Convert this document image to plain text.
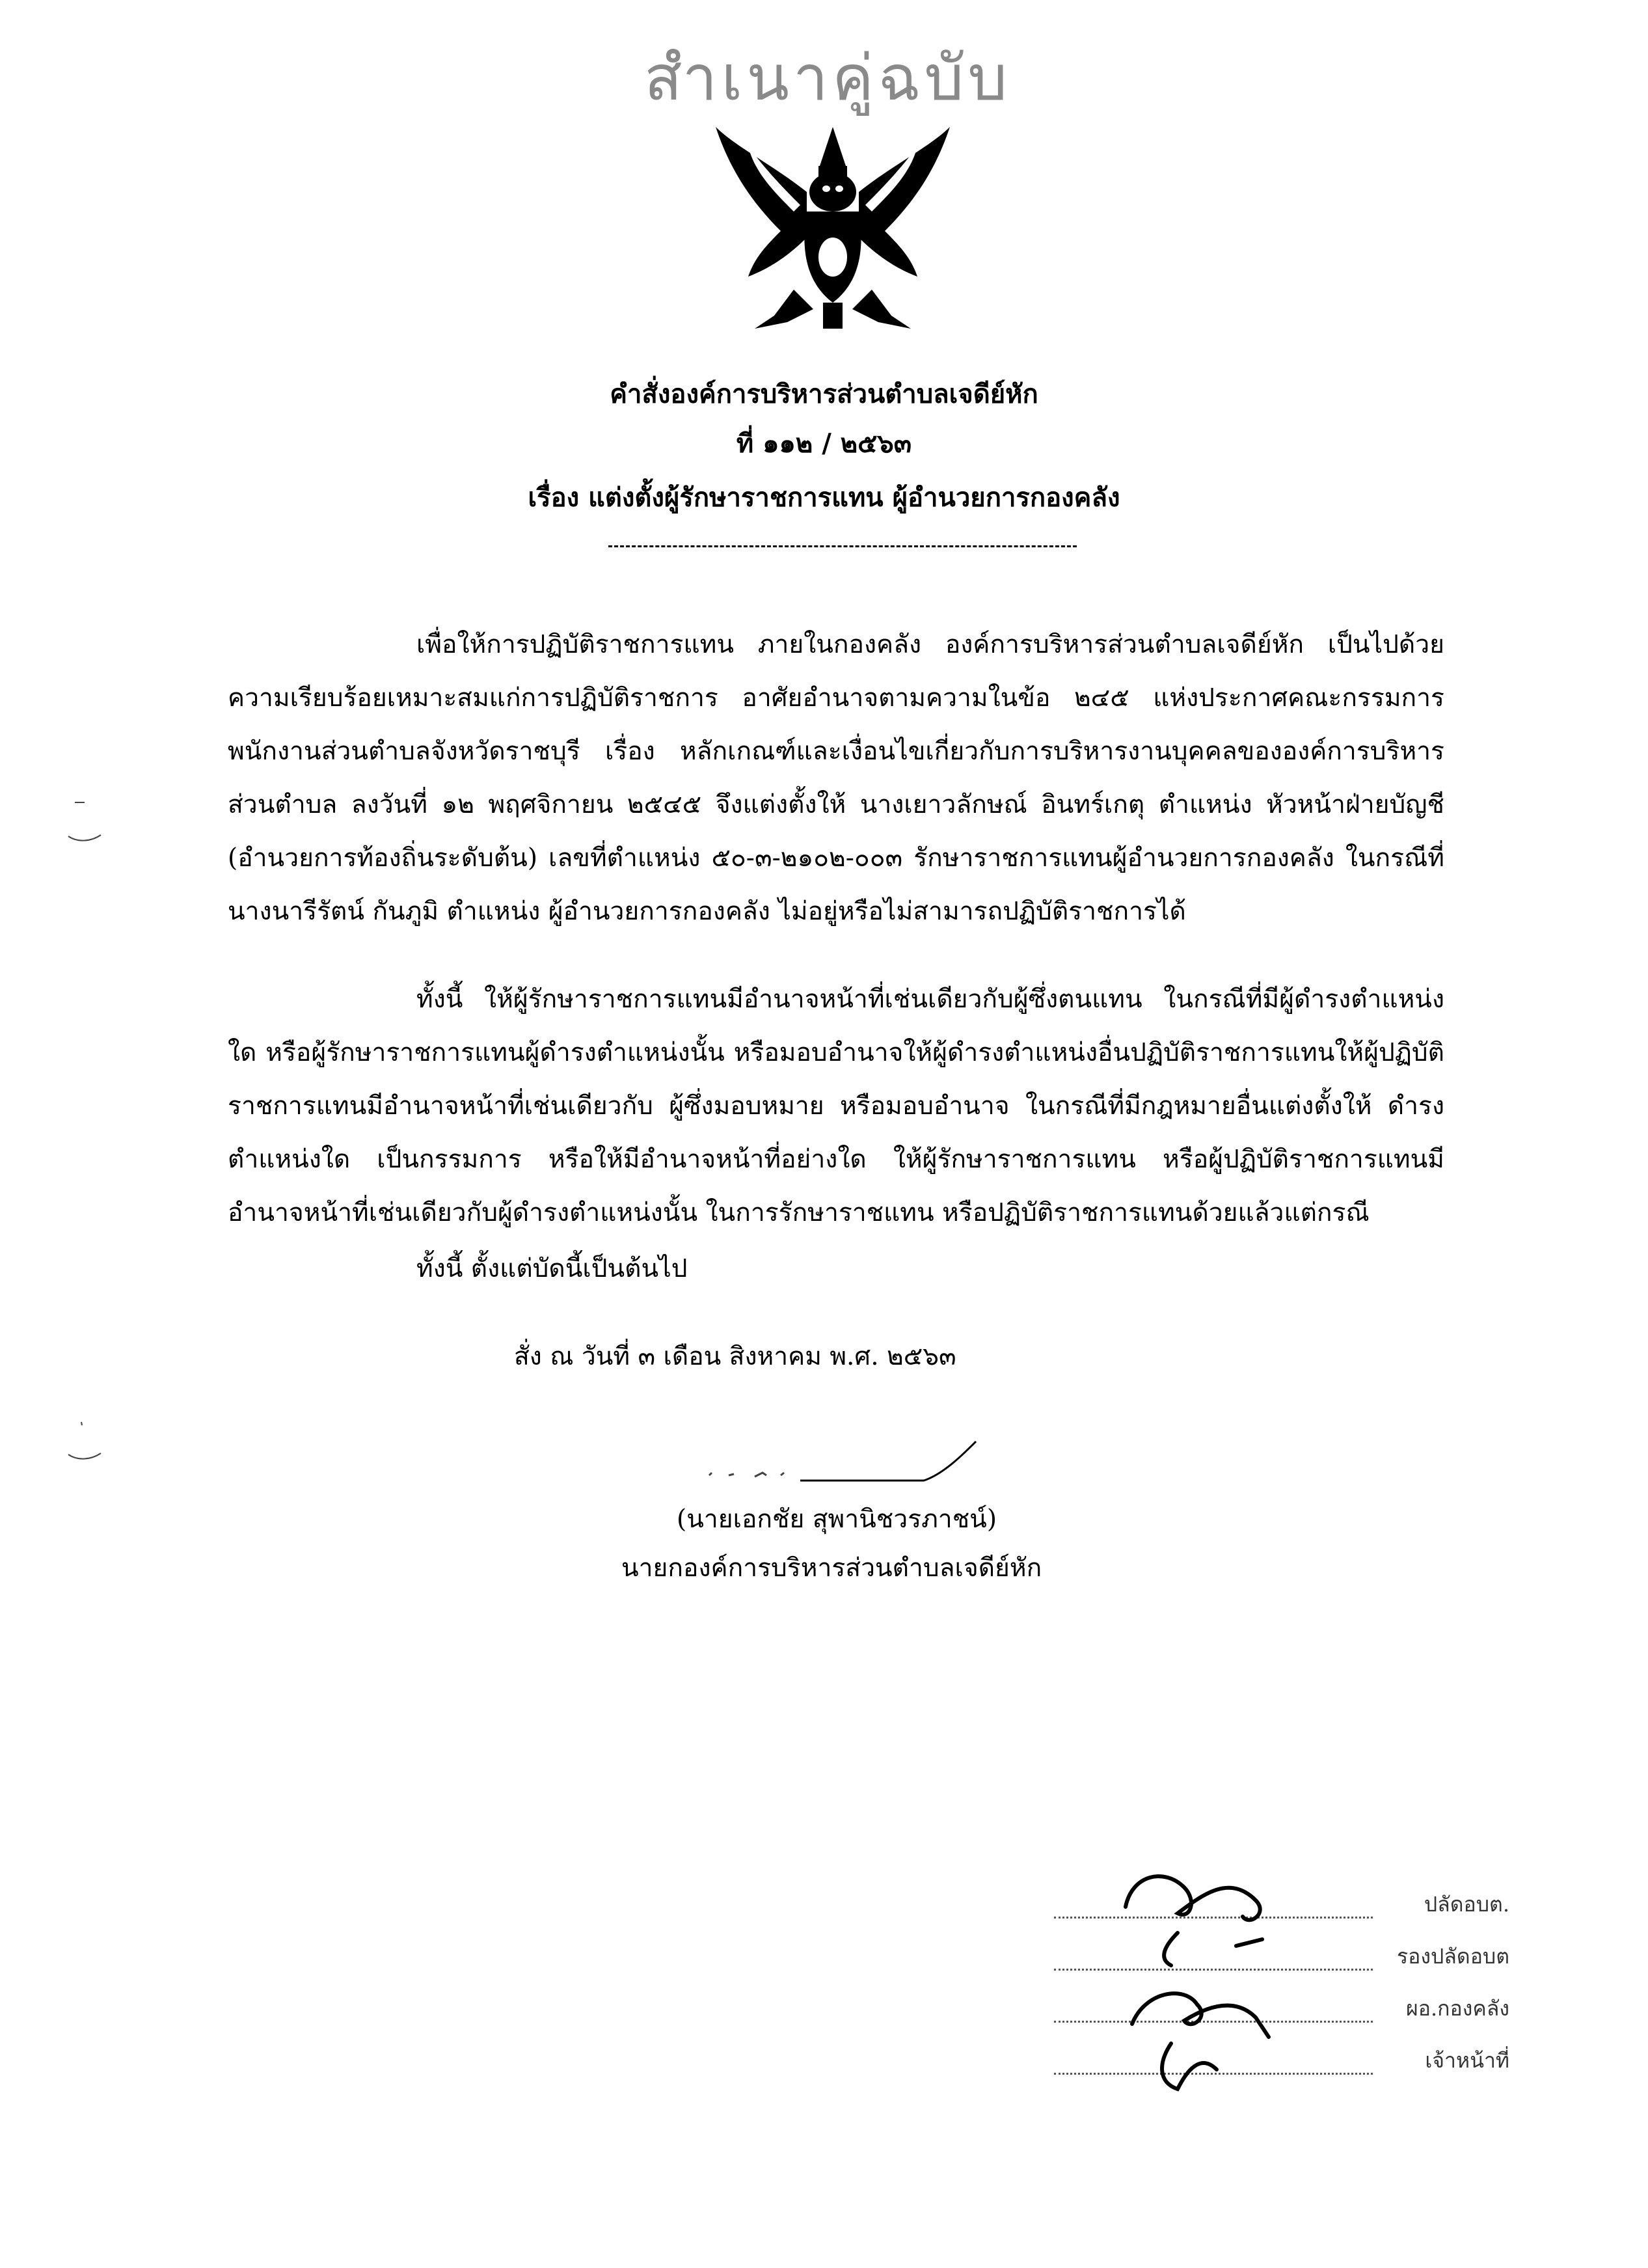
สำเนาคู่ฉบับ
คำสั่งองค์การบริหารส่วนตำบลเจดีย์หัก
ที่ ๑๑๒ / ๒๕๖๓
เรื่อง แต่งตั้งผู้รักษาราชการแทน ผู้อำนวยการกองคลัง

เพื่อให้การปฏิบัติราชการแทน ภายในกองคลัง องค์การบริหารส่วนตำบลเจดีย์หัก เป็นไปด้วยความเรียบร้อยเหมาะสมแก่การปฏิบัติราชการ อาศัยอำนาจตามความในข้อ ๒๔๕ แห่งประกาศคณะกรรมการพนักงานส่วนตำบลจังหวัดราชบุรี เรื่อง หลักเกณฑ์และเงื่อนไขเกี่ยวกับการบริหารงานบุคคลขององค์การบริหารส่วนตำบล ลงวันที่ ๑๒ พฤศจิกายน ๒๕๔๕ จึงแต่งตั้งให้ นางเยาวลักษณ์ อินทร์เกตุ ตำแหน่ง หัวหน้าฝ่ายบัญชี (อำนวยการท้องถิ่นระดับต้น) เลขที่ตำแหน่ง ๕๐-๓-๒๑๐๒-๐๐๓ รักษาราชการแทนผู้อำนวยการกองคลัง ในกรณีที่ นางนารีรัตน์ กันภูมิ ตำแหน่ง ผู้อำนวยการกองคลัง ไม่อยู่หรือไม่สามารถปฏิบัติราชการได้

ทั้งนี้ ให้ผู้รักษาราชการแทนมีอำนาจหน้าที่เช่นเดียวกับผู้ซึ่งตนแทน ในกรณีที่มีผู้ดำรงตำแหน่งใด หรือผู้รักษาราชการแทนผู้ดำรงตำแหน่งนั้น หรือมอบอำนาจให้ผู้ดำรงตำแหน่งอื่นปฏิบัติราชการแทนให้ผู้ปฏิบัติราชการแทนมีอำนาจหน้าที่เช่นเดียวกับ ผู้ซึ่งมอบหมาย หรือมอบอำนาจ ในกรณีที่มีกฎหมายอื่นแต่งตั้งให้ ดำรงตำแหน่งใด เป็นกรรมการ หรือให้มีอำนาจหน้าที่อย่างใด ให้ผู้รักษาราชการแทน หรือผู้ปฏิบัติราชการแทนมีอำนาจหน้าที่เช่นเดียวกับผู้ดำรงตำแหน่งนั้น ในการรักษาราชแทน หรือปฏิบัติราชการแทนด้วยแล้วแต่กรณี

ทั้งนี้ ตั้งแต่บัดนี้เป็นต้นไป
สั่ง ณ วันที่ ๓ เดือน สิงหาคม พ.ศ. ๒๕๖๓
(นายเอกชัย สุพานิชวรภาชน์)
นายกองค์การบริหารส่วนตำบลเจดีย์หัก
ปลัดอบต.
รองปลัดอบต
ผอ.กองคลัง
เจ้าหน้าที่
